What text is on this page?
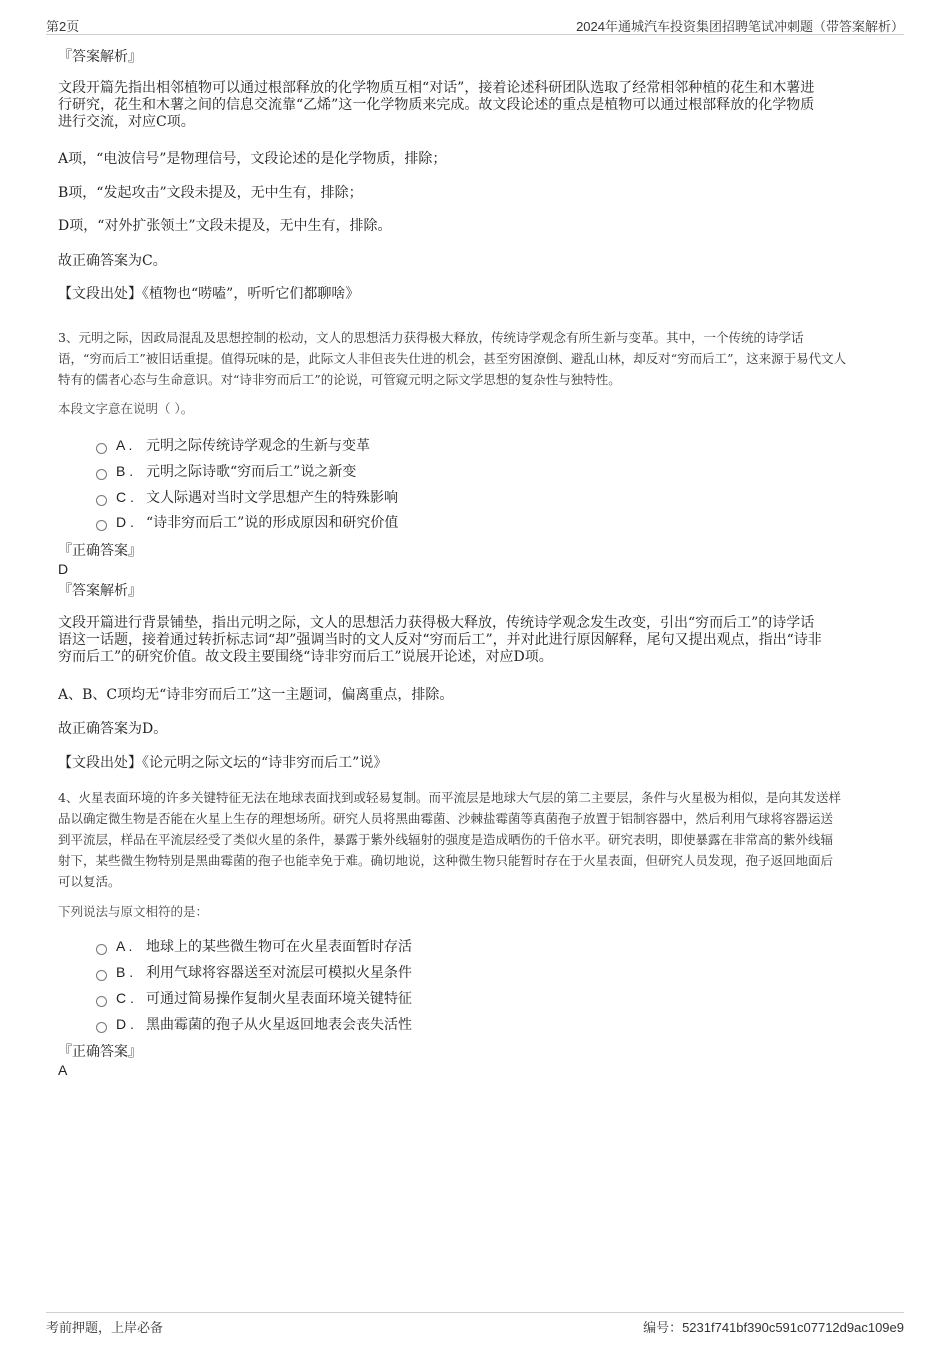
第2页	2024年通城汽车投资集团招聘笔试冲刺题（带答案解析）
『答案解析』
文段开篇先指出相邻植物可以通过根部释放的化学物质互相“对话”，接着论述科研团队选取了经常相邻种植的花生和木薯进
行研究，花生和木薯之间的信息交流靠“乙烯”这一化学物质来完成。故文段论述的重点是植物可以通过根部释放的化学物质
进行交流，对应C项。
A项，“电波信号”是物理信号，文段论述的是化学物质，排除；
B项，“发起攻击”文段未提及，无中生有，排除；
D项，“对外扩张领土”文段未提及，无中生有，排除。
故正确答案为C。
【文段出处】《植物也“唠嗑”，听听它们都聊啥》
3、元明之际，因政局混乱及思想控制的松动，文人的思想活力获得极大释放，传统诗学观念有所生新与变革。其中，一个传统的诗学话
语，“穷而后工”被旧话重提。值得玩味的是，此际文人非但丧失仕进的机会，甚至穷困潦倒、避乱山林，却反对“穷而后工”，这来源于易代文人
特有的儒者心态与生命意识。对“诗非穷而后工”的论说，可管窥元明之际文学思想的复杂性与独特性。
本段文字意在说明（ ）。
A . 元明之际传统诗学观念的生新与变革
B . 元明之际诗歌“穷而后工”说之新变
C . 文人际遇对当时文学思想产生的特殊影响
D . “诗非穷而后工”说的形成原因和研究价值
『正确答案』
D
『答案解析』
文段开篇进行背景铺垫，指出元明之际，文人的思想活力获得极大释放，传统诗学观念发生改变，引出“穷而后工”的诗学话
语这一话题，接着通过转折标志词“却”强调当时的文人反对“穷而后工”，并对此进行原因解释，尾句又提出观点，指出“诗非
穷而后工”的研究价值。故文段主要围绕“诗非穷而后工”说展开论述，对应D项。
A、B、C项均无“诗非穷而后工”这一主题词，偏离重点，排除。
故正确答案为D。
【文段出处】《论元明之际文坛的“诗非穷而后工”说》
4、火星表面环境的许多关键特征无法在地球表面找到或轻易复制。而平流层是地球大气层的第二主要层，条件与火星极为相似，是向其发送样
品以确定微生物是否能在火星上生存的理想场所。研究人员将黑曲霉菌、沙棘盐霉菌等真菌孢子放置于铝制容器中，然后利用气球将容器运送
到平流层，样品在平流层经受了类似火星的条件，暴露于紫外线辐射的强度是造成晒伤的千倍水平。研究表明，即使暴露在非常高的紫外线辐
射下，某些微生物特别是黑曲霉菌的孢子也能幸免于难。确切地说，这种微生物只能暂时存在于火星表面，但研究人员发现，孢子返回地面后
可以复活。
下列说法与原文相符的是：
A . 地球上的某些微生物可在火星表面暂时存活
B . 利用气球将容器送至对流层可模拟火星条件
C . 可通过简易操作复制火星表面环境关键特征
D . 黑曲霉菌的孢子从火星返回地表会丧失活性
『正确答案』
A
考前押题，上岸必备	编号：5231f741bf390c591c07712d9ac109e9
